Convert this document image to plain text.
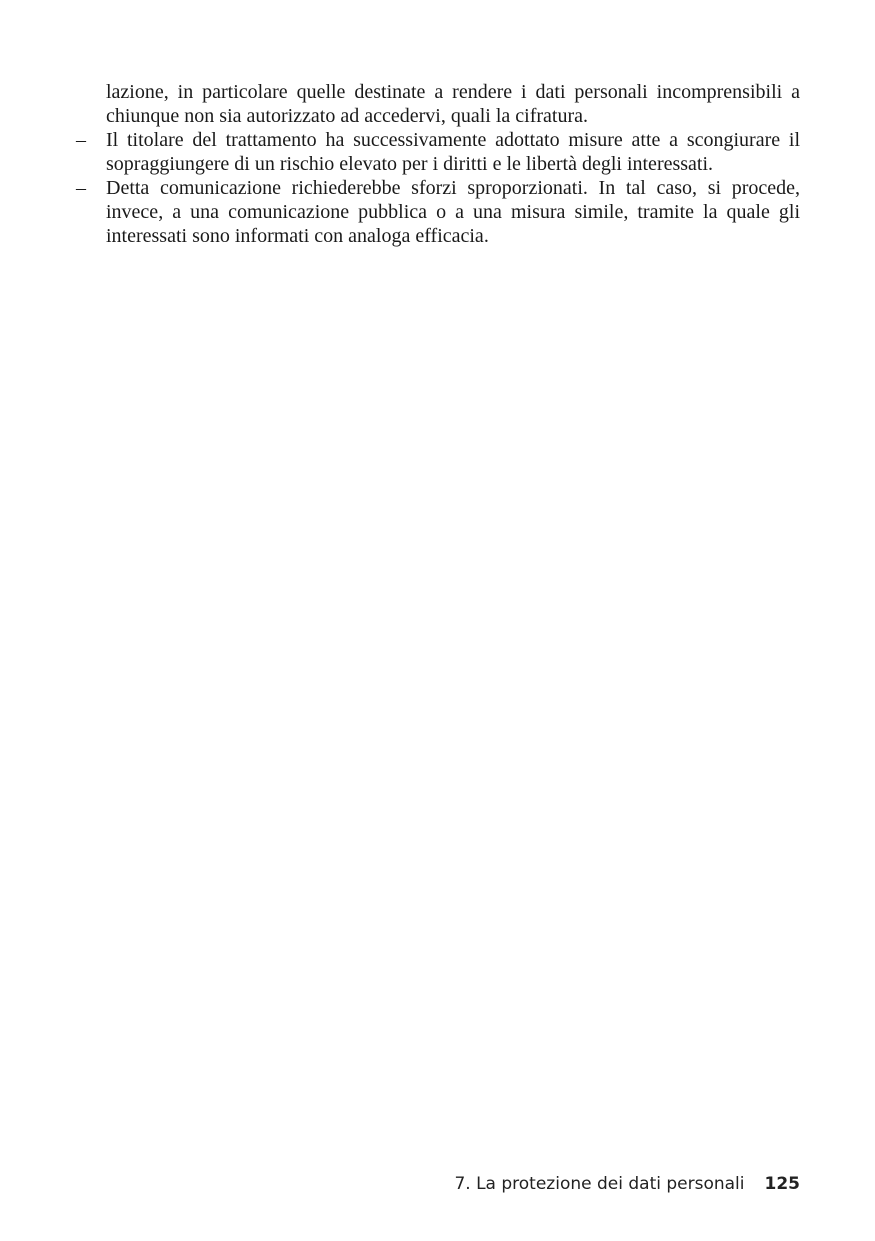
lazione, in particolare quelle destinate a rendere i dati personali incomprensibili a chiunque non sia autorizzato ad accedervi, quali la cifratura.

–	Il titolare del trattamento ha successivamente adottato misure atte a scongiurare il sopraggiungere di un rischio elevato per i diritti e le libertà degli interessati.

–	Detta comunicazione richiederebbe sforzi sproporzionati. In tal caso, si procede, invece, a una comunicazione pubblica o a una misura simile, tramite la quale gli interessati sono informati con analoga efficacia.

7. La protezione dei dati personali 125
